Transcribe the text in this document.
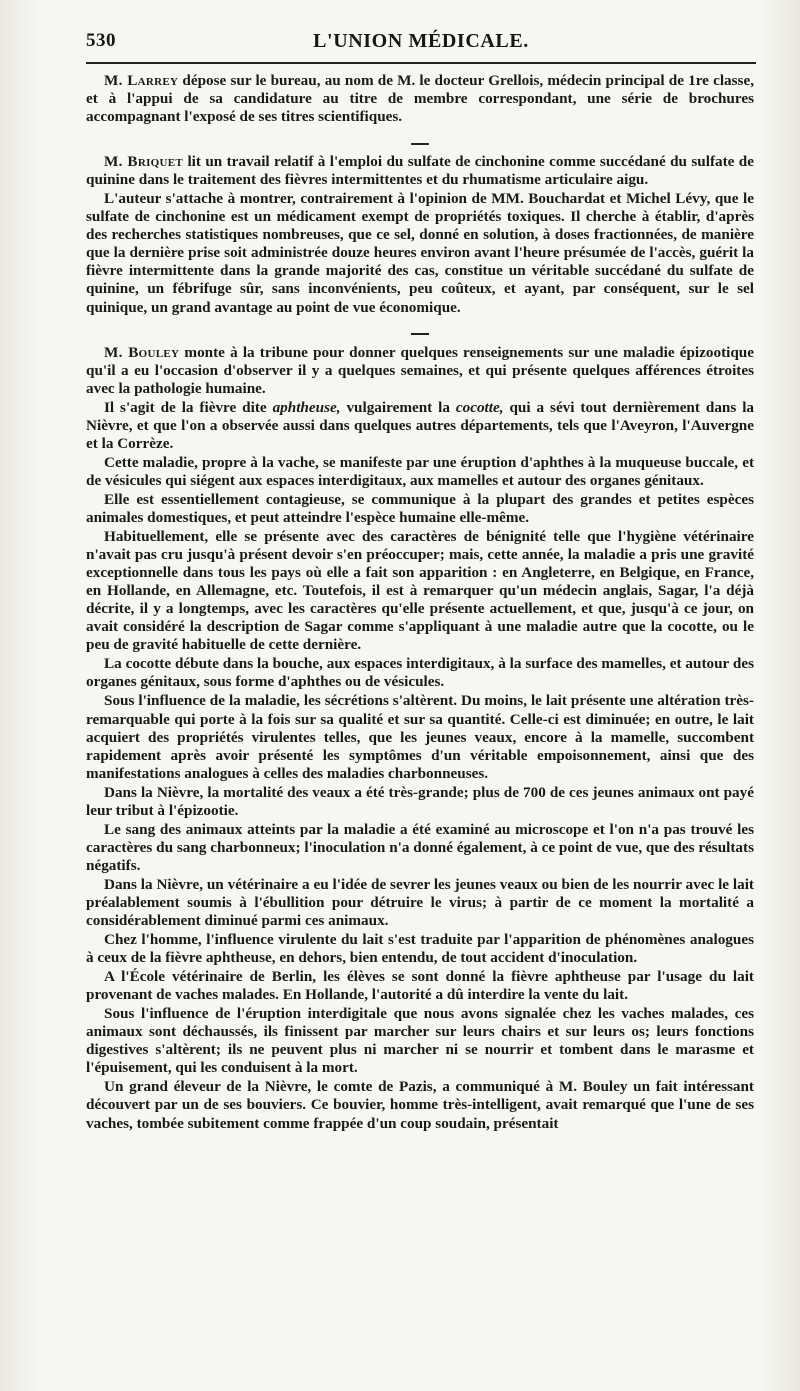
530	L'UNION MÉDICALE.

M. Larrey dépose sur le bureau, au nom de M. le docteur Grellois, médecin principal de 1re classe, et à l'appui de sa candidature au titre de membre correspondant, une série de brochures accompagnant l'exposé de ses titres scientifiques.

M. Briquet lit un travail relatif à l'emploi du sulfate de cinchonine comme succédané du sulfate de quinine dans le traitement des fièvres intermittentes et du rhumatisme articulaire aigu.

L'auteur s'attache à montrer, contrairement à l'opinion de MM. Bouchardat et Michel Lévy, que le sulfate de cinchonine est un médicament exempt de propriétés toxiques. Il cherche à établir, d'après des recherches statistiques nombreuses, que ce sel, donné en solution, à doses fractionnées, de manière que la dernière prise soit administrée douze heures environ avant l'heure présumée de l'accès, guérit la fièvre intermittente dans la grande majorité des cas, constitue un véritable succédané du sulfate de quinine, un fébrifuge sûr, sans inconvénients, peu coûteux, et ayant, par conséquent, sur le sel quinique, un grand avantage au point de vue économique.

M. Bouley monte à la tribune pour donner quelques renseignements sur une maladie épizootique qu'il a eu l'occasion d'observer il y a quelques semaines, et qui présente quelques afférences étroites avec la pathologie humaine.

Il s'agit de la fièvre dite aphtheuse, vulgairement la cocotte, qui a sévi tout dernièrement dans la Nièvre, et que l'on a observée aussi dans quelques autres départements, tels que l'Aveyron, l'Auvergne et la Corrèze.

Cette maladie, propre à la vache, se manifeste par une éruption d'aphthes à la muqueuse buccale, et de vésicules qui siégent aux espaces interdigitaux, aux mamelles et autour des organes génitaux.

Elle est essentiellement contagieuse, se communique à la plupart des grandes et petites espèces animales domestiques, et peut atteindre l'espèce humaine elle-même.

Habituellement, elle se présente avec des caractères de bénignité telle que l'hygiène vétérinaire n'avait pas cru jusqu'à présent devoir s'en préoccuper; mais, cette année, la maladie a pris une gravité exceptionnelle dans tous les pays où elle a fait son apparition : en Angleterre, en Belgique, en France, en Hollande, en Allemagne, etc. Toutefois, il est à remarquer qu'un médecin anglais, Sagar, l'a déjà décrite, il y a longtemps, avec les caractères qu'elle présente actuellement, et que, jusqu'à ce jour, on avait considéré la description de Sagar comme s'appliquant à une maladie autre que la cocotte, ou le peu de gravité habituelle de cette dernière.

La cocotte débute dans la bouche, aux espaces interdigitaux, à la surface des mamelles, et autour des organes génitaux, sous forme d'aphthes ou de vésicules.

Sous l'influence de la maladie, les sécrétions s'altèrent. Du moins, le lait présente une altération très-remarquable qui porte à la fois sur sa qualité et sur sa quantité. Celle-ci est diminuée; en outre, le lait acquiert des propriétés virulentes telles, que les jeunes veaux, encore à la mamelle, succombent rapidement après avoir présenté les symptômes d'un véritable empoisonnement, ainsi que des manifestations analogues à celles des maladies charbonneuses.

Dans la Nièvre, la mortalité des veaux a été très-grande; plus de 700 de ces jeunes animaux ont payé leur tribut à l'épizootie.

Le sang des animaux atteints par la maladie a été examiné au microscope et l'on n'a pas trouvé les caractères du sang charbonneux; l'inoculation n'a donné également, à ce point de vue, que des résultats négatifs.

Dans la Nièvre, un vétérinaire a eu l'idée de sevrer les jeunes veaux ou bien de les nourrir avec le lait préalablement soumis à l'ébullition pour détruire le virus; à partir de ce moment la mortalité a considérablement diminué parmi ces animaux.

Chez l'homme, l'influence virulente du lait s'est traduite par l'apparition de phénomènes analogues à ceux de la fièvre aphtheuse, en dehors, bien entendu, de tout accident d'inoculation.

A l'École vétérinaire de Berlin, les élèves se sont donné la fièvre aphtheuse par l'usage du lait provenant de vaches malades. En Hollande, l'autorité a dû interdire la vente du lait.

Sous l'influence de l'éruption interdigitale que nous avons signalée chez les vaches malades, ces animaux sont déchaussés, ils finissent par marcher sur leurs chairs et sur leurs os; leurs fonctions digestives s'altèrent; ils ne peuvent plus ni marcher ni se nourrir et tombent dans le marasme et l'épuisement, qui les conduisent à la mort.

Un grand éleveur de la Nièvre, le comte de Pazis, a communiqué à M. Bouley un fait intéressant découvert par un de ses bouviers. Ce bouvier, homme très-intelligent, avait remarqué que l'une de ses vaches, tombée subitement comme frappée d'un coup soudain, présentait
